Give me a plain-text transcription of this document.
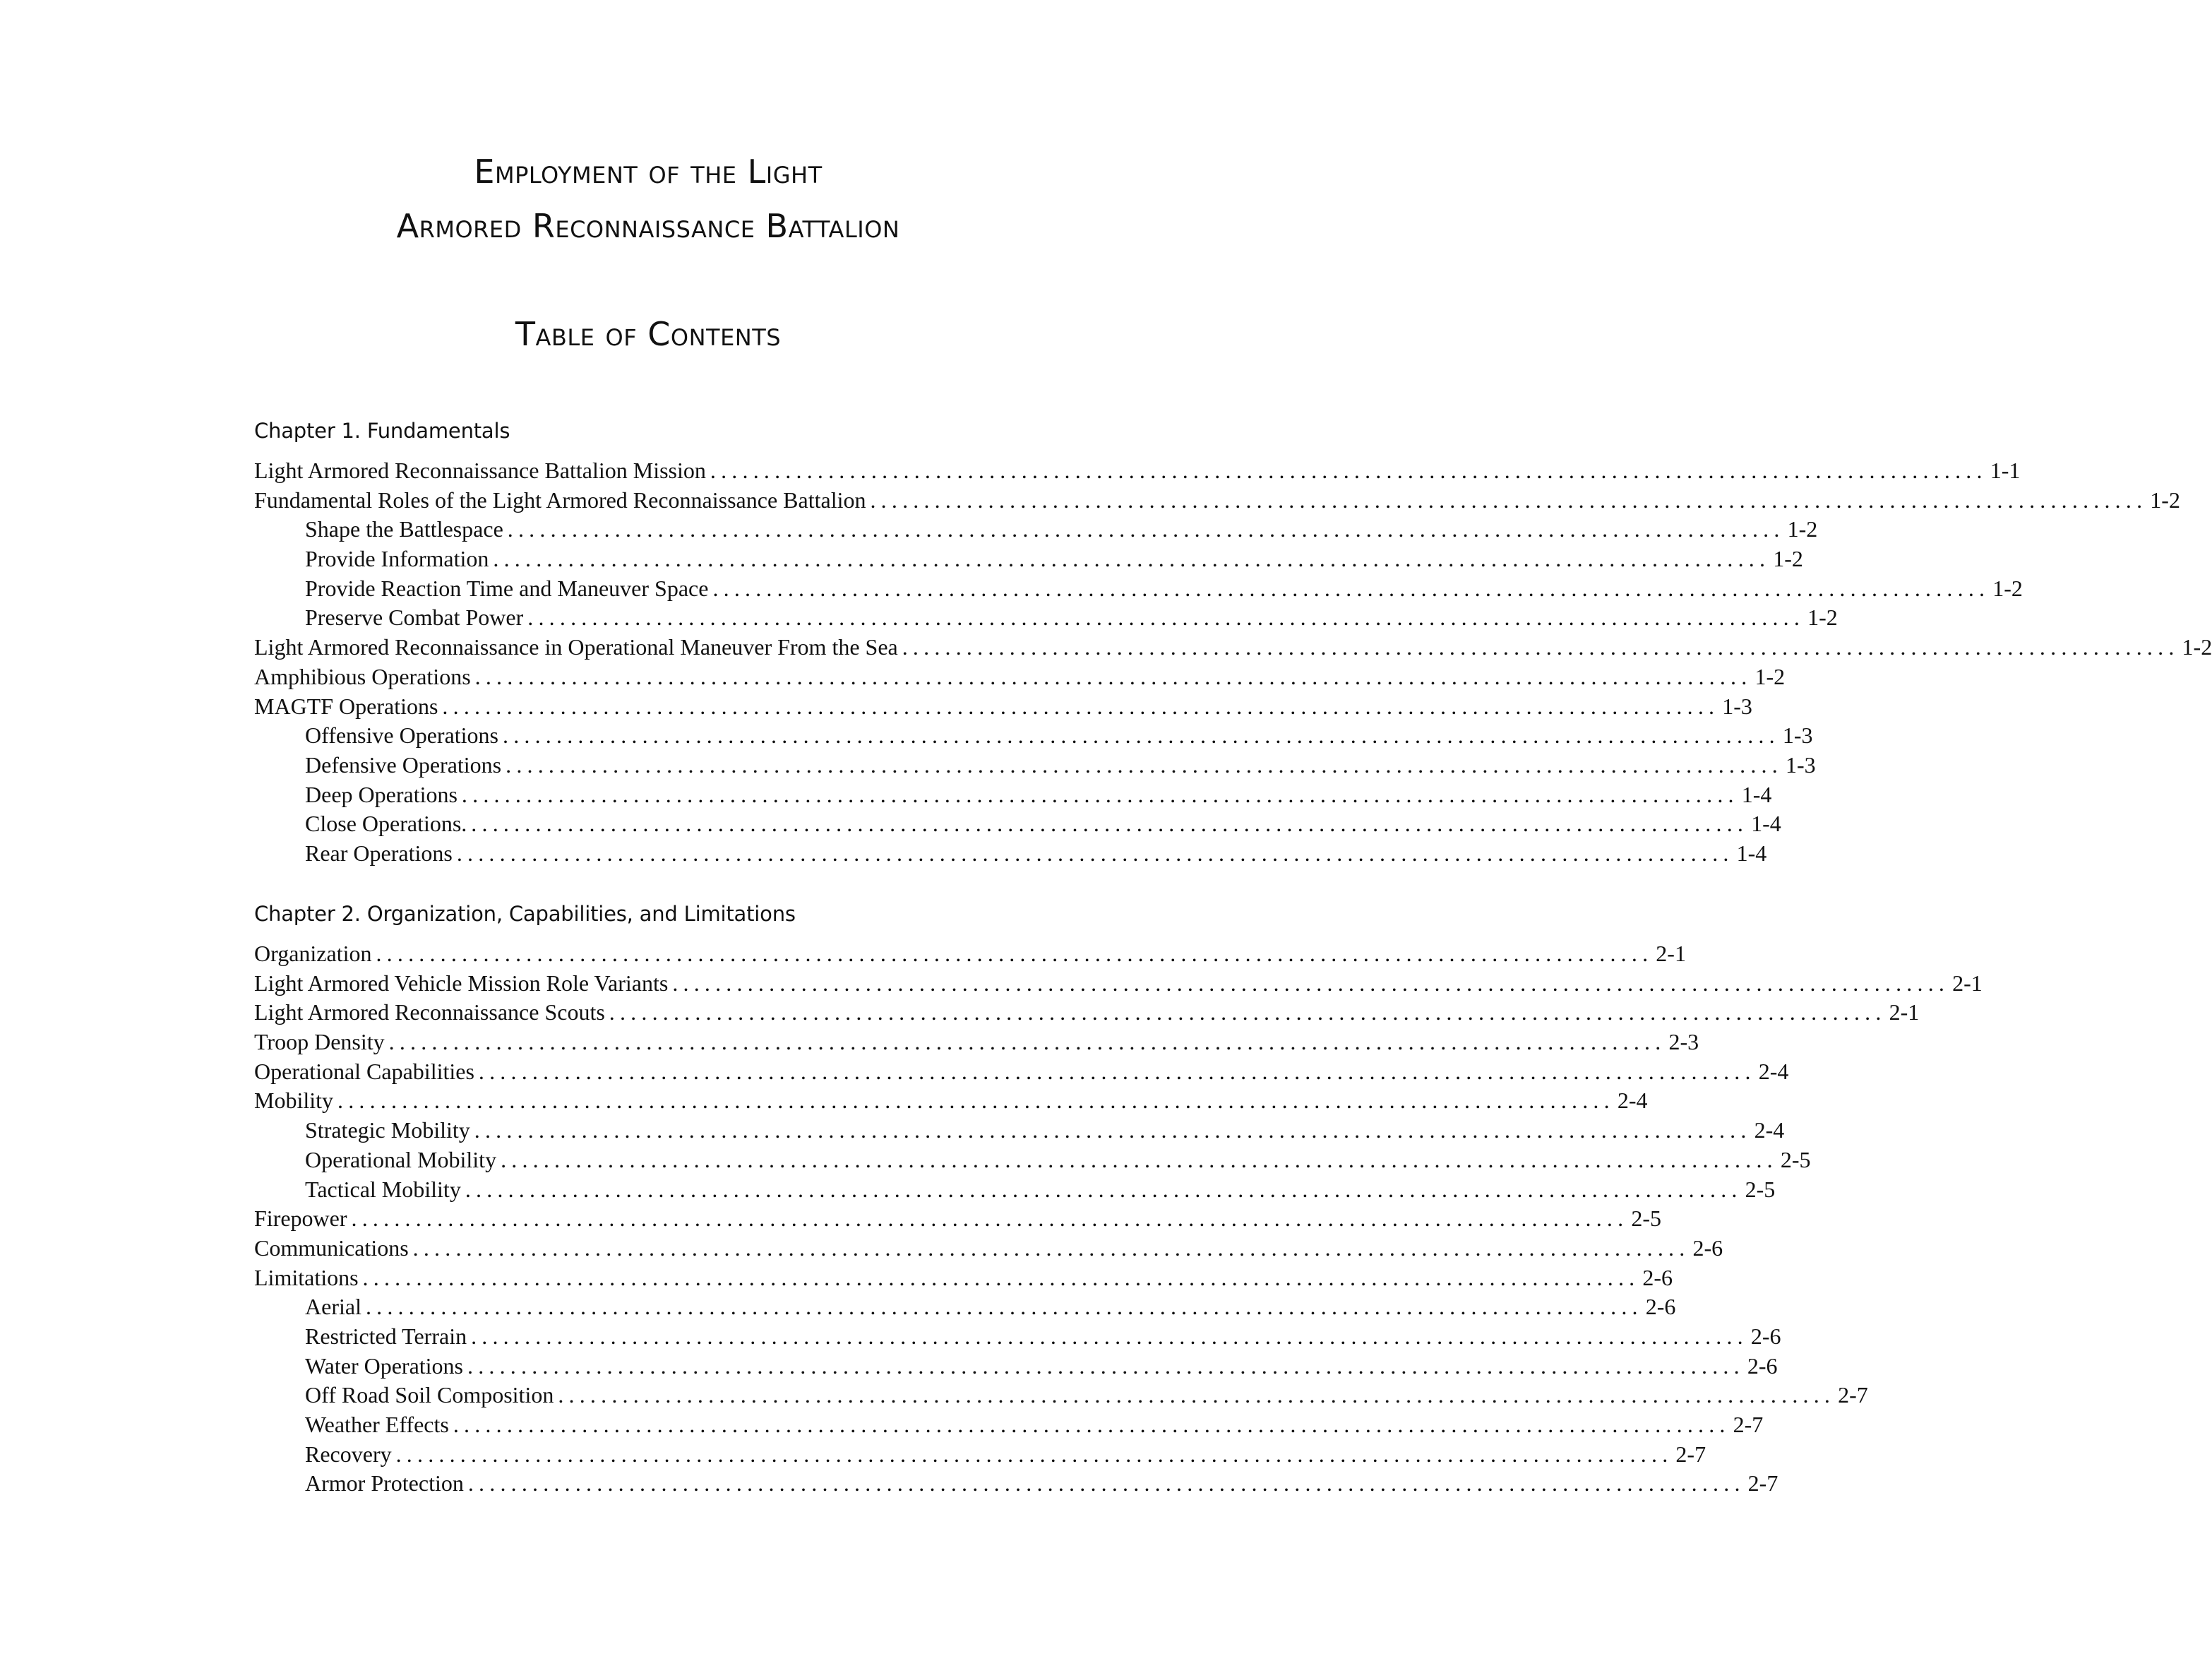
Employment of the Light
Armored Reconnaissance Battalion
Table of Contents
Chapter 1. Fundamentals
Light Armored Reconnaissance Battalion Mission ....................................................................................................................... 1-1
Fundamental Roles of the Light Armored Reconnaissance Battalion ....................................................................................................................... 1-2
Shape the Battlespace ....................................................................................................................... 1-2
Provide Information ....................................................................................................................... 1-2
Provide Reaction Time and Maneuver Space ....................................................................................................................... 1-2
Preserve Combat Power ....................................................................................................................... 1-2
Light Armored Reconnaissance in Operational Maneuver From the Sea ....................................................................................................................... 1-2
Amphibious Operations ....................................................................................................................... 1-2
MAGTF Operations ....................................................................................................................... 1-3
Offensive Operations ....................................................................................................................... 1-3
Defensive Operations ....................................................................................................................... 1-3
Deep Operations ....................................................................................................................... 1-4
Close Operations. ....................................................................................................................... 1-4
Rear Operations ....................................................................................................................... 1-4
Chapter 2. Organization, Capabilities, and Limitations
Organization ....................................................................................................................... 2-1
Light Armored Vehicle Mission Role Variants ....................................................................................................................... 2-1
Light Armored Reconnaissance Scouts ....................................................................................................................... 2-1
Troop Density ....................................................................................................................... 2-3
Operational Capabilities ....................................................................................................................... 2-4
Mobility ....................................................................................................................... 2-4
Strategic Mobility ....................................................................................................................... 2-4
Operational Mobility ....................................................................................................................... 2-5
Tactical Mobility ....................................................................................................................... 2-5
Firepower ....................................................................................................................... 2-5
Communications ....................................................................................................................... 2-6
Limitations ....................................................................................................................... 2-6
Aerial ....................................................................................................................... 2-6
Restricted Terrain ....................................................................................................................... 2-6
Water Operations ....................................................................................................................... 2-6
Off Road Soil Composition ....................................................................................................................... 2-7
Weather Effects ....................................................................................................................... 2-7
Recovery ....................................................................................................................... 2-7
Armor Protection ....................................................................................................................... 2-7
